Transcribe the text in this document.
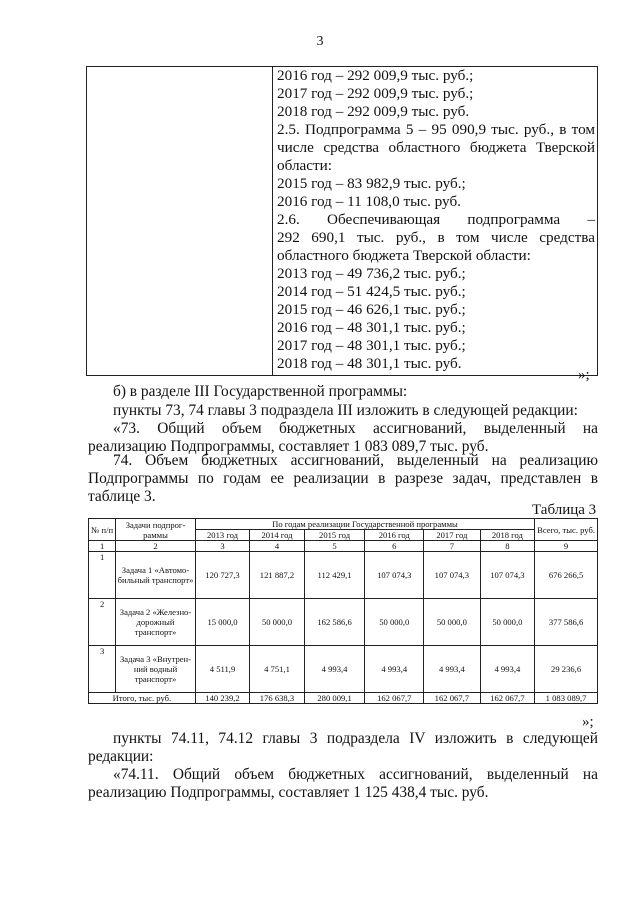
3

2016 год – 292 009,9 тыс. руб.;
2017 год – 292 009,9 тыс. руб.;
2018 год – 292 009,9 тыс. руб.
2.5. Подпрограмма 5 – 95 090,9 тыс. руб., в том
числе средства областного бюджета Тверской
области:
2015 год – 83 982,9 тыс. руб.;
2016 год – 11 108,0 тыс. руб.
2.6. Обеспечивающая подпрограмма –
292 690,1 тыс. руб., в том числе средства
областного бюджета Тверской области:
2013 год – 49 736,2 тыс. руб.;
2014 год – 51 424,5 тыс. руб.;
2015 год – 46 626,1 тыс. руб.;
2016 год – 48 301,1 тыс. руб.;
2017 год – 48 301,1 тыс. руб.;
2018 год – 48 301,1 тыс. руб.
»;
б) в разделе III Государственной программы:
пункты 73, 74 главы 3 подраздела III изложить в следующей редакции:
«73. Общий объем бюджетных ассигнований, выделенный на реализацию Подпрограммы, составляет 1 083 089,7 тыс. руб.
74. Объем бюджетных ассигнований, выделенный на реализацию Подпрограммы по годам ее реализации в разрезе задач, представлен в таблице 3.
Таблица 3
№ п/п	Задачи подпрог- раммы	По годам реализации Государственной программы						Всего, тыс. руб.
		2013 год	2014 год	2015 год	2016 год	2017 год	2018 год	
1	2	3	4	5	6	7	8	9
1	Задача 1 «Автомо- бильный транспорт»	120 727,3	121 887,2	112 429,1	107 074,3	107 074,3	107 074,3	676 266,5
2	Задача 2 «Железно- дорожный транспорт»	15 000,0	50 000,0	162 586,6	50 000,0	50 000,0	50 000,0	377 586,6
3	Задача 3 «Внутрен- ний водный транспорт»	4 511,9	4 751,1	4 993,4	4 993,4	4 993,4	4 993,4	29 236,6
Итого, тыс. руб.		140 239,2	176 638,3	280 009,1	162 067,7	162 067,7	162 067,7	1 083 089,7
»;
пункты 74.11, 74.12 главы 3 подраздела IV изложить в следующей редакции:
«74.11. Общий объем бюджетных ассигнований, выделенный на реализацию Подпрограммы, составляет 1 125 438,4 тыс. руб.
